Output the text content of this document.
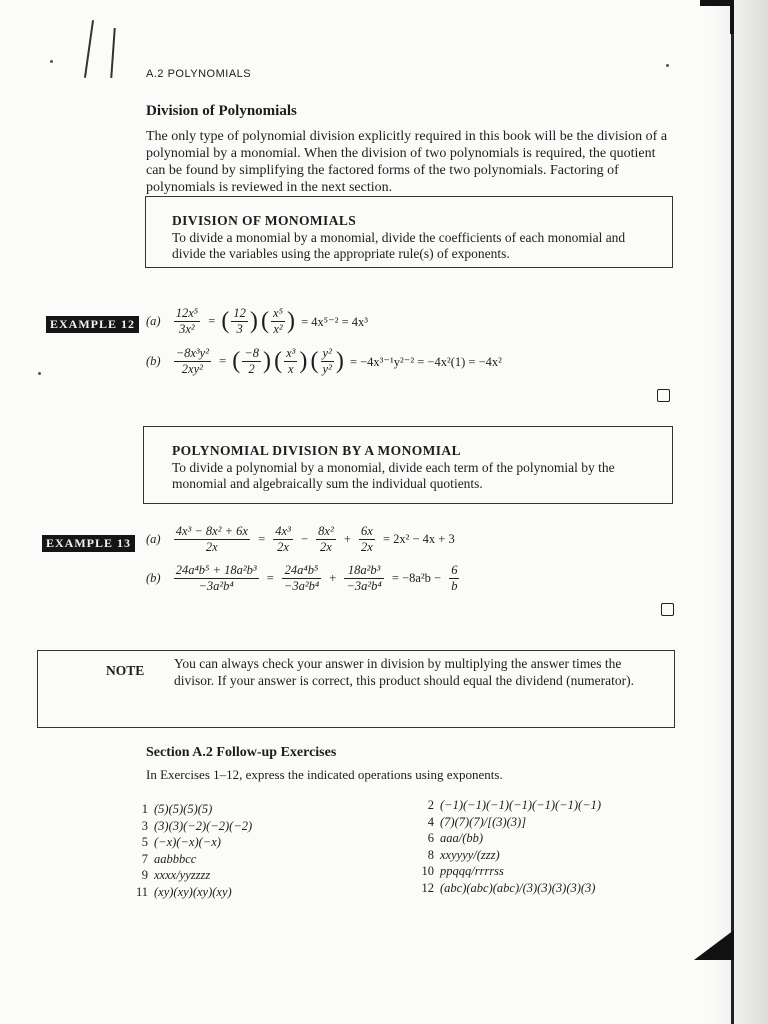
A.2 POLYNOMIALS
Division of Polynomials
The only type of polynomial division explicitly required in this book will be the division of a polynomial by a monomial. When the division of two polynomials is required, the quotient can be found by simplifying the factored forms of the two polynomials. Factoring of polynomials is reviewed in the next section.
DIVISION OF MONOMIALS
To divide a monomial by a monomial, divide the coefficients of each monomial and divide the variables using the appropriate rule(s) of exponents.
EXAMPLE 12 $(a) \frac{\text{12x⁵}}{\text{3x²}}$ = ( $\frac{12}{3}$ ) ( $\frac{\text{x⁵}}{\text{x²}}$ ) = 4x⁵⁻² = 4x³
$(b) \frac{\text{−8x³y²}}{\text{2xy²}}$ = ( $\frac{-8}{2}$ ) ( $\frac{\text{x³}}{x}$ ) ( $\frac{\text{y²}}{\text{y²}}$ ) = −4x³⁻¹y²⁻² = −4x²(1) = −4x²
POLYNOMIAL DIVISION BY A MONOMIAL
To divide a polynomial by a monomial, divide each term of the polynomial by the monomial and algebraically sum the individual quotients.
EXAMPLE 13	$(a) \frac{\text{4x³ − 8x² + 6x}}{2x} = \frac{\text{4x³}}{2x} - \frac{\text{8x²}}{2x} + \frac{6x}{2x} = 2x^2 - 4x + 3$
$(b) \frac{\text{24a⁴b⁵ + 18a²b³}}{\text{−3a²b⁴}} = \frac{\text{24a⁴b⁵}}{\text{−3a²b⁴}} + \frac{\text{18a²b³}}{\text{−3a²b⁴}} = -8a^2b - \frac{6}{b}$
NOTE You can always check your answer in division by multiplying the answer times the divisor. If your answer is correct, this product should equal the dividend (numerator).
Section A.2 Follow-up Exercises
In Exercises 1–12, express the indicated operations using exponents.
1 (5)(5)(5)(5)
3 (3)(3)(−2)(−2)(−2)
5 (−x)(−x)(−x)
7 aabbbcc
9 xxxx/yyzzzz
11 (xy)(xy)(xy)(xy)
2 (−1)(−1)(−1)(−1)(−1)(−1)(−1)
4 (7)(7)(7)/[(3)(3)]
6 aaa/(bb)
8 xxyyyy/(zzz)
10 ppqqq/rrrrss
12 (abc)(abc)(abc)/(3)(3)(3)(3)(3)
